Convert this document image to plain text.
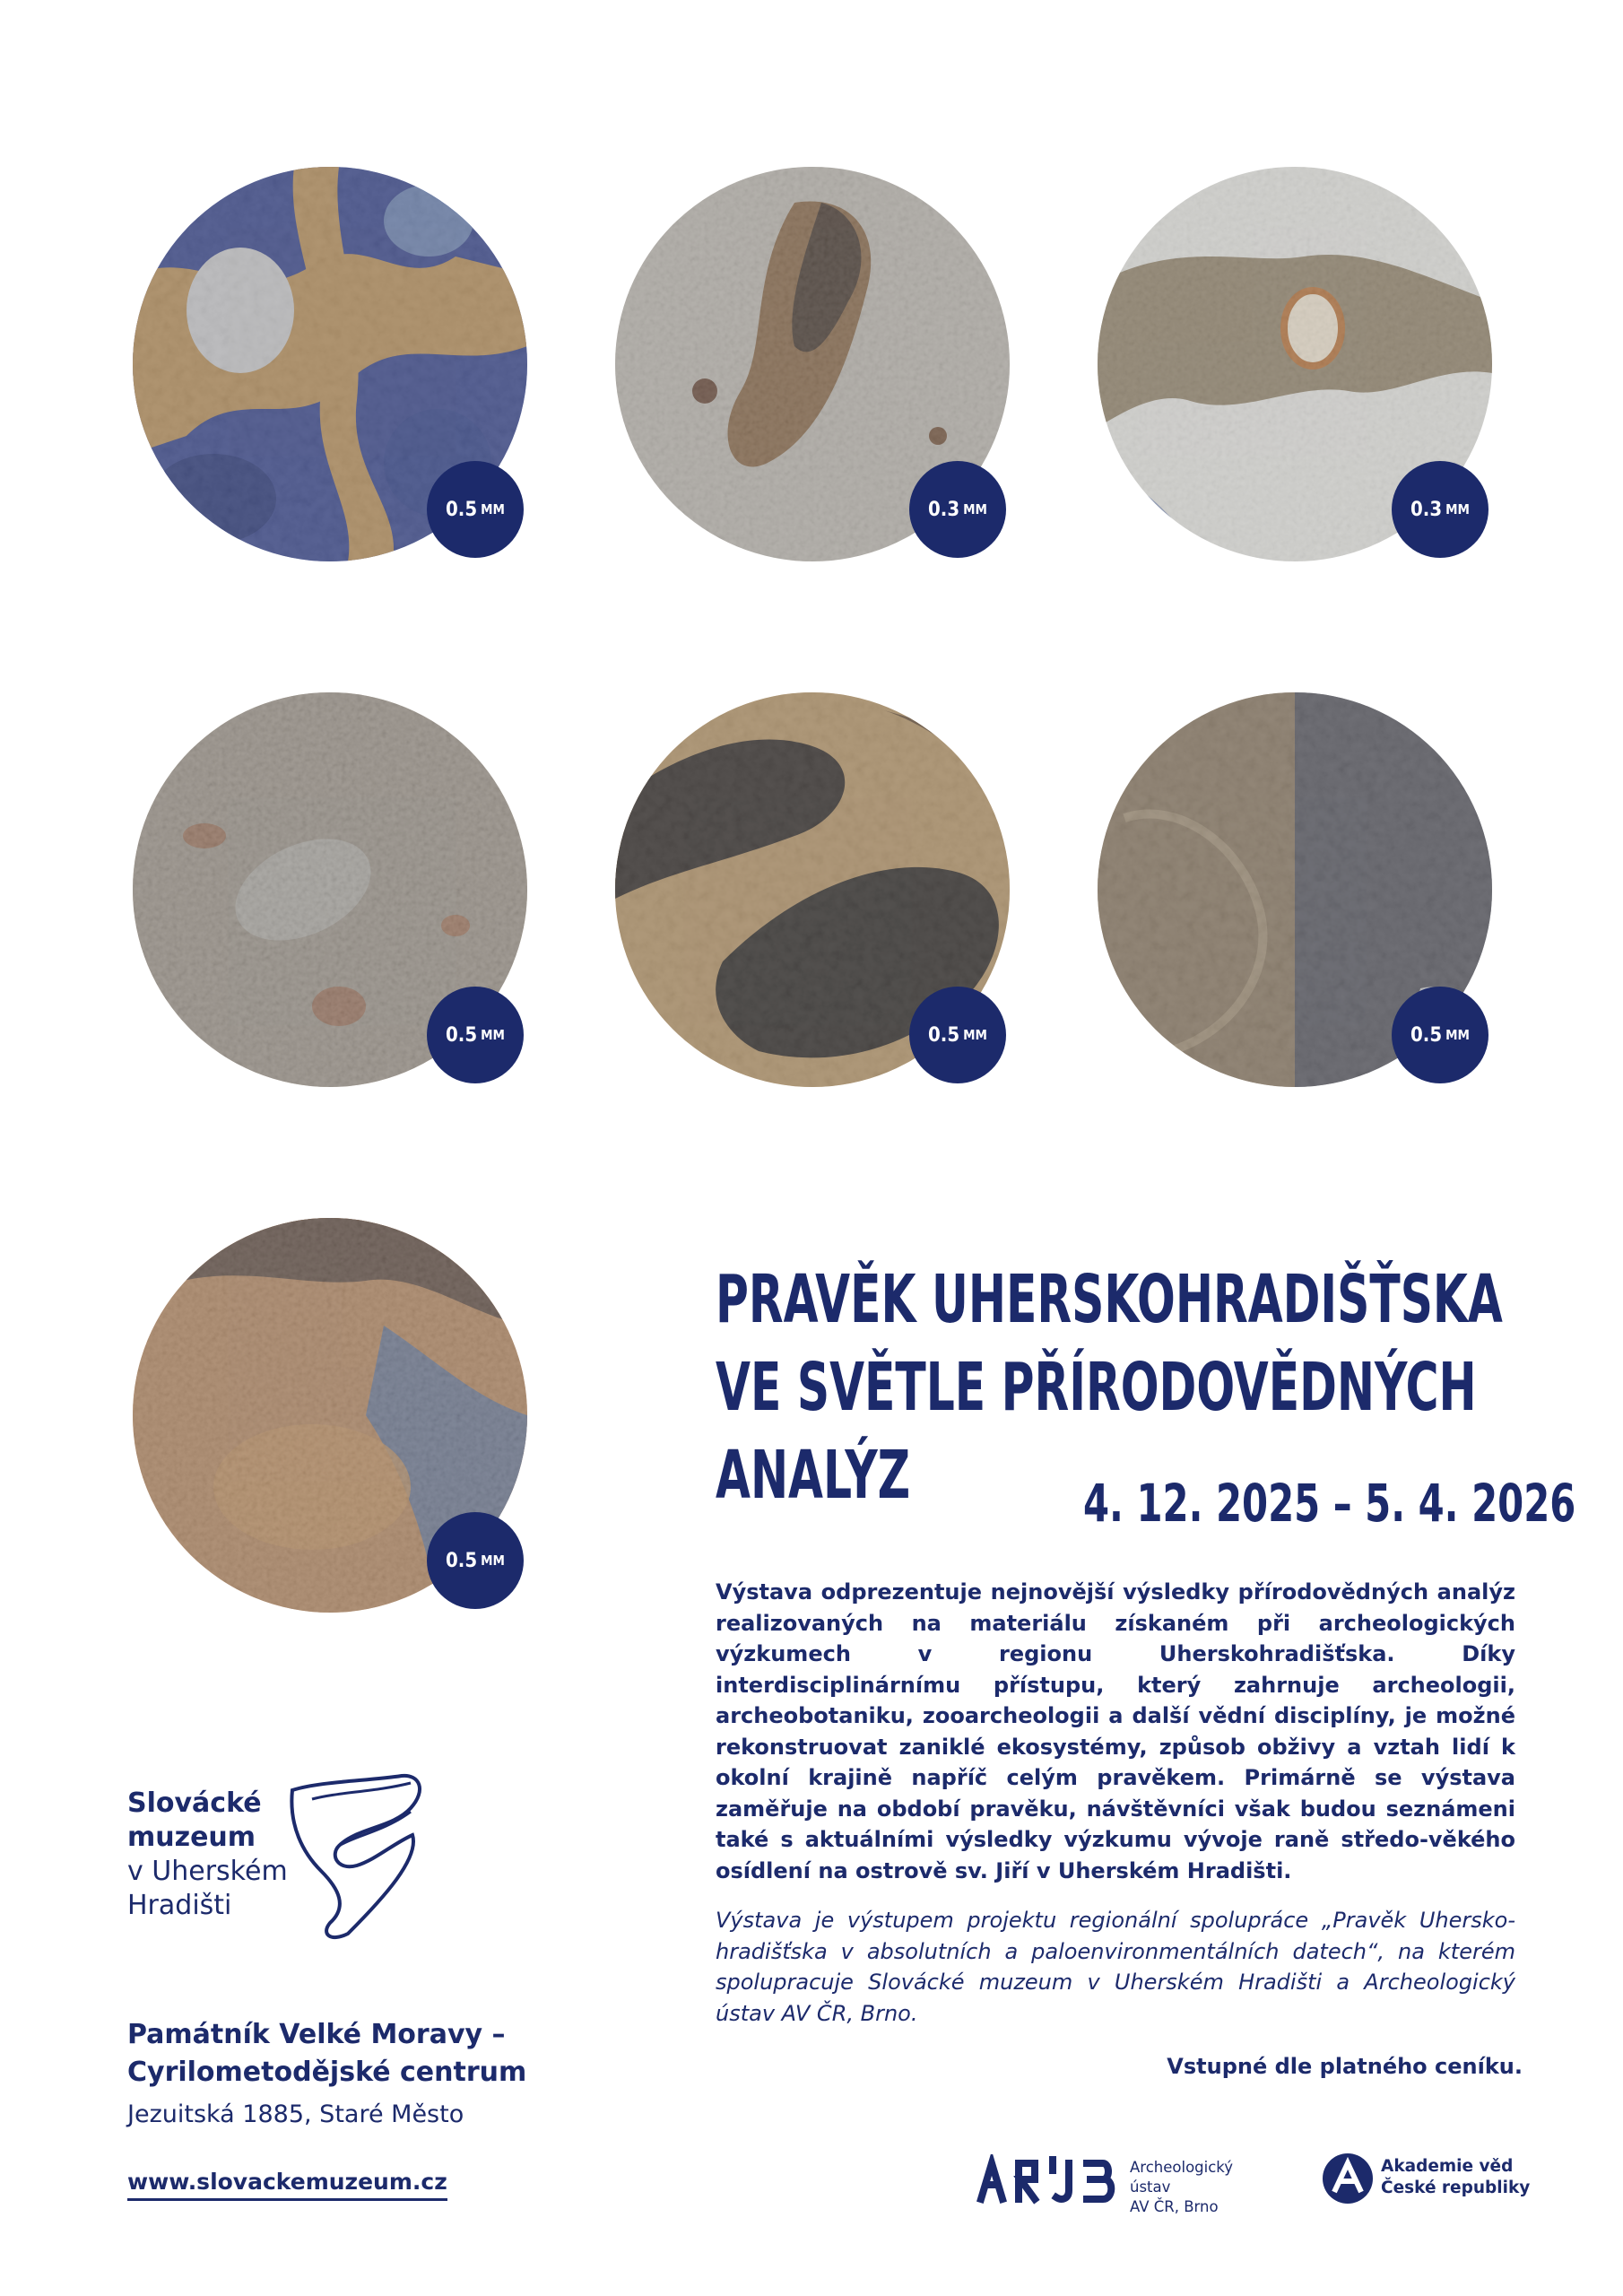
0.5 MM	0.3 MM	0.3 MM
0.5 MM	0.5 MM	0.5 MM
0.5 MM
PRAVĚK UHERSKOHRADIŠŤSKA
VE SVĚTLE PŘÍRODOVĚDNÝCH
ANALÝZ	4. 12. 2025 – 5. 4. 2026
Výstava odprezentuje nejnovější výsledky přírodovědných analýz realizovaných na materiálu získaném při archeologických výzkumech v regionu Uherskohradišťska. Díky interdisciplinárnímu přístupu, který zahrnuje archeologii, archeobotaniku, zooarcheologii a další vědní disciplíny, je možné rekonstruovat zaniklé ekosystémy, způsob obživy a vztah lidí k okolní krajině napříč celým pravěkem. Primárně se výstava zaměřuje na období pravěku, návštěvníci však budou seznámeni také s aktuálními výsledky výzkumu vývoje raně středo-věkého osídlení na ostrově sv. Jiří v Uherském Hradišti.
Výstava je výstupem projektu regionální spolupráce „Pravěk Uhersko-hradišťska v absolutních a paloenvironmentálních datech“, na kterém spolupracuje Slovácké muzeum v Uherském Hradišti a Archeologický ústav AV ČR, Brno.
Vstupné dle platného ceníku.
Slovácké
muzeum
v Uherském
Hradišti
Památník Velké Moravy –
Cyrilometodějské centrum
Jezuitská 1885, Staré Město
www.slovackemuzeum.cz
Archeologický ústav
AV ČR, Brno
Akademie věd
České republiky
